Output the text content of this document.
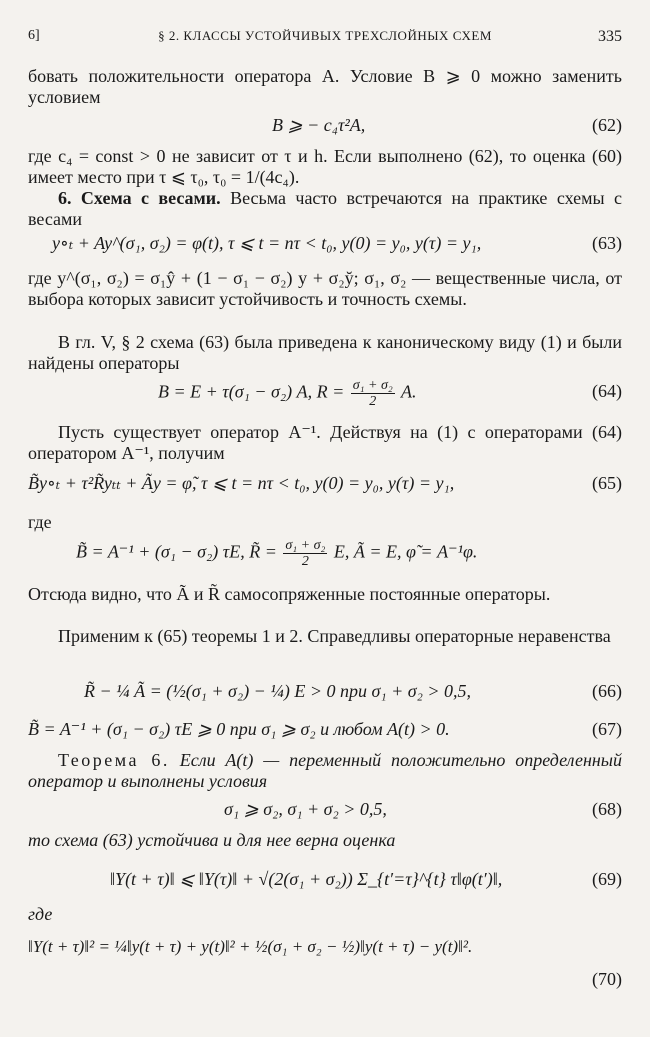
6]	§ 2. КЛАССЫ УСТОЙЧИВЫХ ТРЕХСЛОЙНЫХ СХЕМ	335
бовать положительности оператора A. Условие B ⩾ 0 можно заменить условием
B ⩾ − c₄τ²A,	(62)
где c₄ = const > 0 не зависит от τ и h. Если выполнено (62), то оценка (60) имеет место при τ ⩽ τ₀, τ₀ = 1/(4c₄).
6. Схема с весами. Весьма часто встречаются на практике схемы с весами
y∘ₜ + Ay^(σ₁, σ₂) = φ(t), τ ⩽ t = nτ < t₀, y(0) = y₀, y(τ) = y₁,	(63)
где y^(σ₁, σ₂) = σ₁ŷ + (1 − σ₁ − σ₂) y + σ₂y̆; σ₁, σ₂ — вещественные числа, от выбора которых зависит устойчивость и точность схемы.
В гл. V, § 2 схема (63) была приведена к каноническому виду (1) и были найдены операторы
B = E + τ(σ₁ − σ₂) A, $R = \frac{\text{σ₁ + σ₂}}{2} A$.	(64)
Пусть существует оператор A⁻¹. Действуя на (1) с операторами (64) оператором A⁻¹, получим
B̃y∘ₜ + τ²R̃yₜₜ + Ãy = φ̃, τ ⩽ t = nτ < t₀, y(0) = y₀, y(τ) = y₁,	(65)
где
B̃ = A⁻¹ + (σ₁ − σ₂) τE, R̃ = $\frac{\text{σ₁ + σ₂}}{2} E$, Ã = E, φ̃ = A⁻¹φ.
Отсюда видно, что Ã и R̃ самосопряженные постоянные операторы.
Применим к (65) теоремы 1 и 2. Справедливы операторные неравенства
R̃ − ¼ Ã = (½(σ₁ + σ₂) − ¼) E > 0 при σ₁ + σ₂ > 0,5,	(66)
B̃ = A⁻¹ + (σ₁ − σ₂) τE ⩾ 0 при σ₁ ⩾ σ₂ и любом A(t) > 0.	(67)
Теорема 6. Если A(t) — переменный положительно определенный оператор и выполнены условия
σ₁ ⩾ σ₂, σ₁ + σ₂ > 0,5,	(68)
то схема (63) устойчива и для нее верна оценка
‖Y(t + τ)‖ ⩽ ‖Y(τ)‖ + √(2(σ₁ + σ₂)) Σ_{t′=τ}^{t} τ‖φ(t′)‖,	(69)
где
‖Y(t + τ)‖² = ¼‖y(t + τ) + y(t)‖² + ½(σ₁ + σ₂ − ½)‖y(t + τ) − y(t)‖².
(70)
